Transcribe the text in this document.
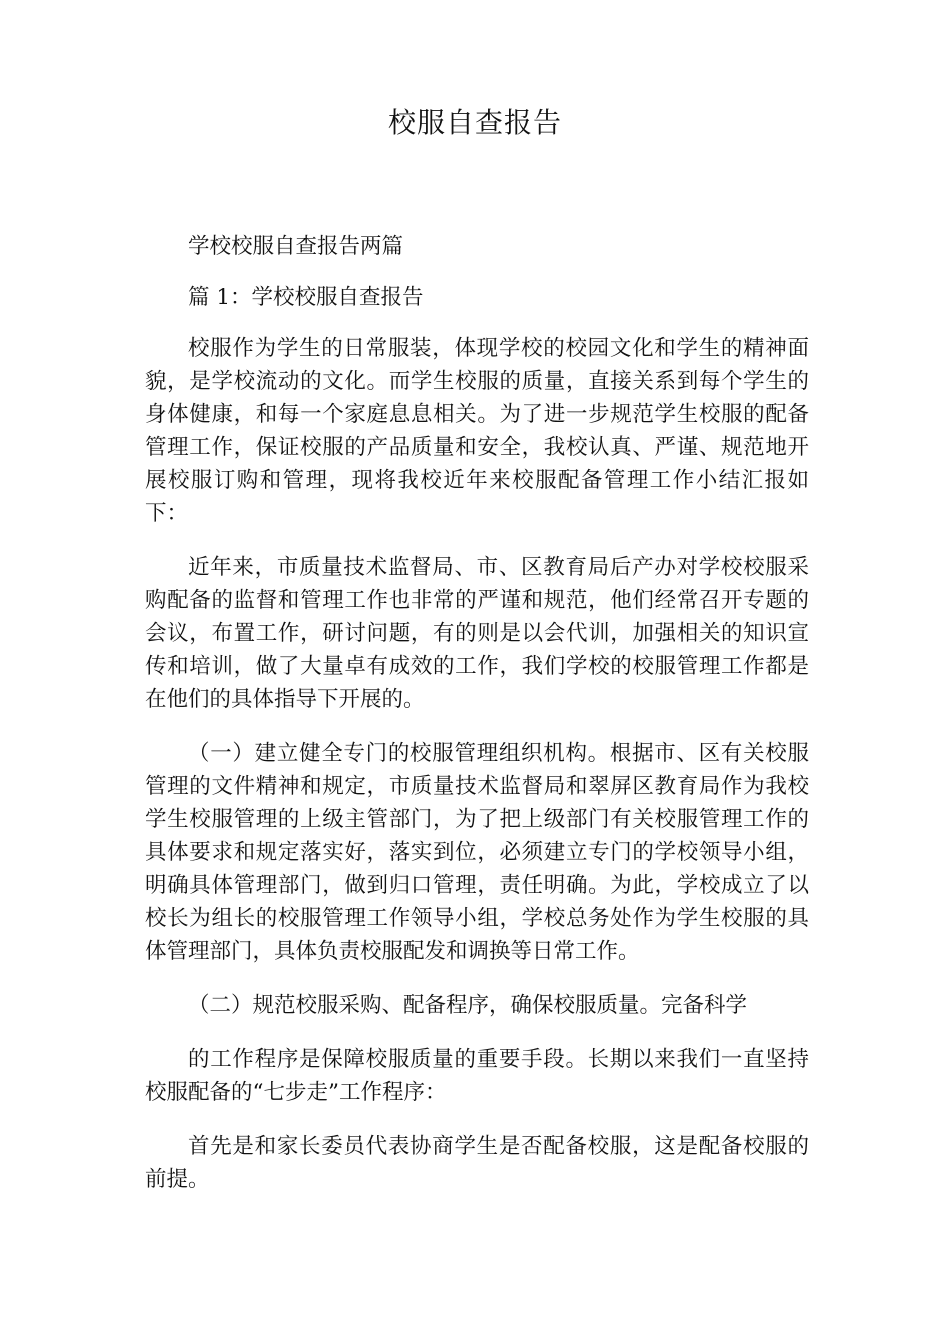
校服自查报告

学校校服自查报告两篇

篇 1：学校校服自查报告

校服作为学生的日常服装，体现学校的校园文化和学生的精神面貌，是学校流动的文化。而学生校服的质量，直接关系到每个学生的身体健康，和每一个家庭息息相关。为了进一步规范学生校服的配备管理工作，保证校服的产品质量和安全，我校认真、严谨、规范地开展校服订购和管理，现将我校近年来校服配备管理工作小结汇报如下：

近年来，市质量技术监督局、市、区教育局后产办对学校校服采购配备的监督和管理工作也非常的严谨和规范，他们经常召开专题的会议，布置工作，研讨问题，有的则是以会代训，加强相关的知识宣传和培训，做了大量卓有成效的工作，我们学校的校服管理工作都是在他们的具体指导下开展的。

（一）建立健全专门的校服管理组织机构。根据市、区有关校服管理的文件精神和规定，市质量技术监督局和翠屏区教育局作为我校学生校服管理的上级主管部门，为了把上级部门有关校服管理工作的具体要求和规定落实好，落实到位，必须建立专门的学校领导小组，明确具体管理部门，做到归口管理，责任明确。为此，学校成立了以校长为组长的校服管理工作领导小组，学校总务处作为学生校服的具体管理部门，具体负责校服配发和调换等日常工作。

（二）规范校服采购、配备程序，确保校服质量。完备科学

的工作程序是保障校服质量的重要手段。长期以来我们一直坚持校服配备的“七步走”工作程序：

首先是和家长委员代表协商学生是否配备校服，这是配备校服的前提。
